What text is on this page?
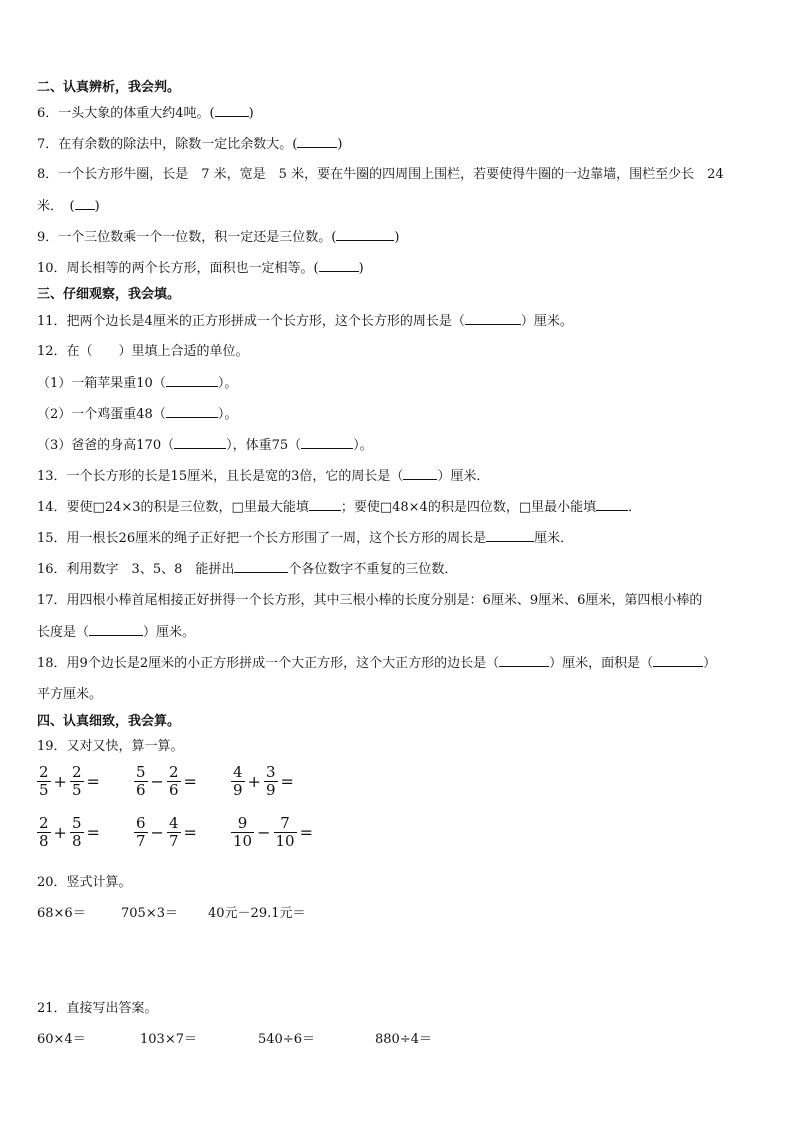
二、认真辨析，我会判。
6．一头大象的体重大约4吨。(	)
7．在有余数的除法中，除数一定比余数大。(	)
8．一个长方形牛圈，长是　7 米，宽是　5 米，要在牛圈的四周围上围栏，若要使得牛圈的一边靠墙，围栏至少长　24
米．　( )
9．一个三位数乘一个一位数，积一定还是三位数。(	)
10．周长相等的两个长方形，面积也一定相等。(	)
三、仔细观察，我会填。
11．把两个边长是4厘米的正方形拼成一个长方形，这个长方形的周长是（	）厘米。
12．在（　　）里填上合适的单位。
（1）一箱苹果重10（	）。
（2）一个鸡蛋重48（	）。
（3）爸爸的身高170（	），体重75（	）。
13．一个长方形的长是15厘米，且长是宽的3倍，它的周长是（	）厘米．
14．要使□24×3的积是三位数，□里最大能填 ；要使□48×4的积是四位数，□里最小能填 ．
15．用一根长26厘米的绳子正好把一个长方形围了一周，这个长方形的周长是	厘米．
16．利用数字　3、5、8　能拼出	个各位数字不重复的三位数．
17．用四根小棒首尾相接正好拼得一个长方形，其中三根小棒的长度分别是：6厘米、9厘米、6厘米，第四根小棒的
长度是（	）厘米。
18．用9个边长是2厘米的小正方形拼成一个大正方形，这个大正方形的边长是（	）厘米，面积是（	）
平方厘米。
四、认真细致，我会算。
19．又对又快，算一算。
$\frac{2}{5} + \frac{2}{5} = \frac{5}{6} - \frac{2}{6} = \frac{4}{9} + \frac{3}{9}$ =
$\frac{2}{8} + \frac{5}{8} = \frac{6}{7} - \frac{4}{7} = \frac{9}{10} - \frac{7}{10}$ =
20．竖式计算。
68×6＝	705×3＝ 40元－29.1元＝
21．直接写出答案。
60×4＝	103×7＝	540÷6＝	880÷4＝
